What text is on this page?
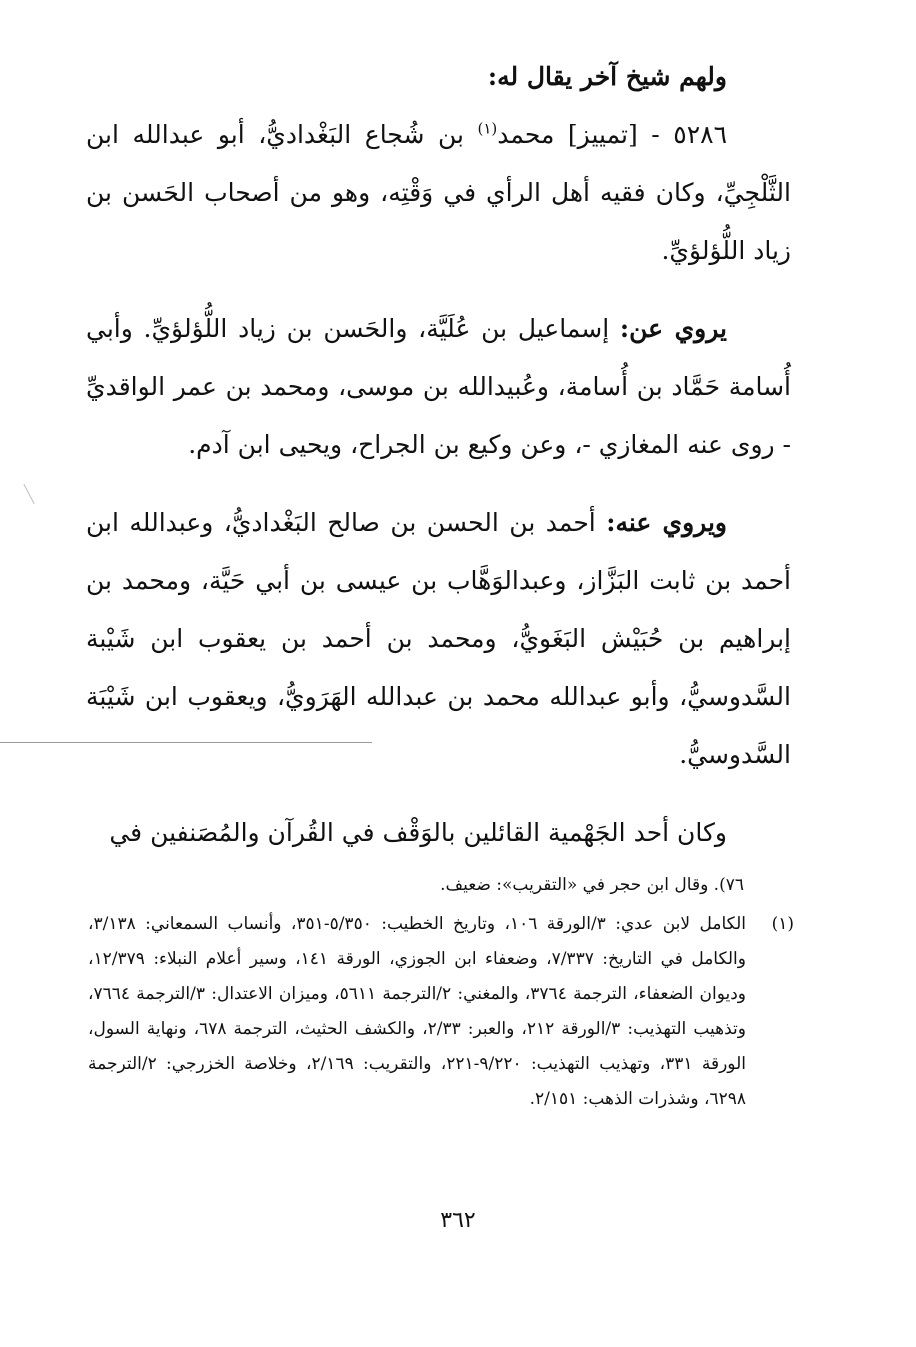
ولهم شيخ آخر يقال له:

٥٢٨٦ - [تمييز] محمد$^{(١)}$ بن شُجاع البَغْداديُّ، أبو عبدالله ابن الثَّلْجِيِّ، وكان فقيه أهل الرأي في وَقْتِه، وهو من أصحاب الحَسن بن زياد اللُّؤلؤيِّ.

يروي عن: إسماعيل بن عُلَيَّة، والحَسن بن زياد اللُّؤلؤيِّ. وأبي أُسامة حَمَّاد بن أُسامة، وعُبيدالله بن موسى، ومحمد بن عمر الواقديِّ - روى عنه المغازي -، وعن وكيع بن الجراح، ويحيى ابن آدم.

ويروي عنه: أحمد بن الحسن بن صالح البَغْداديُّ، وعبدالله ابن أحمد بن ثابت البَزَّاز، وعبدالوَهَّاب بن عيسى بن أبي حَيَّة، ومحمد بن إبراهيم بن حُبَيْش البَغَويُّ، ومحمد بن أحمد بن يعقوب ابن شَيْبة السَّدوسيُّ، وأبو عبدالله محمد بن عبدالله الهَرَويُّ، ويعقوب ابن شَيْبَة السَّدوسيُّ.

وكان أحد الجَهْمية القائلين بالوَقْف في القُرآن والمُصَنفين في

٧٦). وقال ابن حجر في «التقريب»: ضعيف.

(١)

الكامل لابن عدي: ٣/الورقة ١٠٦، وتاريخ الخطيب: ٥/٣٥٠-٣٥١، وأنساب السمعاني: ٣/١٣٨، والكامل في التاريخ: ٧/٣٣٧، وضعفاء ابن الجوزي، الورقة ١٤١، وسير أعلام النبلاء: ١٢/٣٧٩، وديوان الضعفاء، الترجمة ٣٧٦٤، والمغني: ٢/الترجمة ٥٦١١، وميزان الاعتدال: ٣/الترجمة ٧٦٦٤، وتذهيب التهذيب: ٣/الورقة ٢١٢، والعبر: ٢/٣٣، والكشف الحثيث، الترجمة ٦٧٨، ونهاية السول، الورقة ٣٣١، وتهذيب التهذيب: ٩/٢٢٠-٢٢١، والتقريب: ٢/١٦٩، وخلاصة الخزرجي: ٢/الترجمة ٦٢٩٨، وشذرات الذهب: ٢/١٥١.

٣٦٢
